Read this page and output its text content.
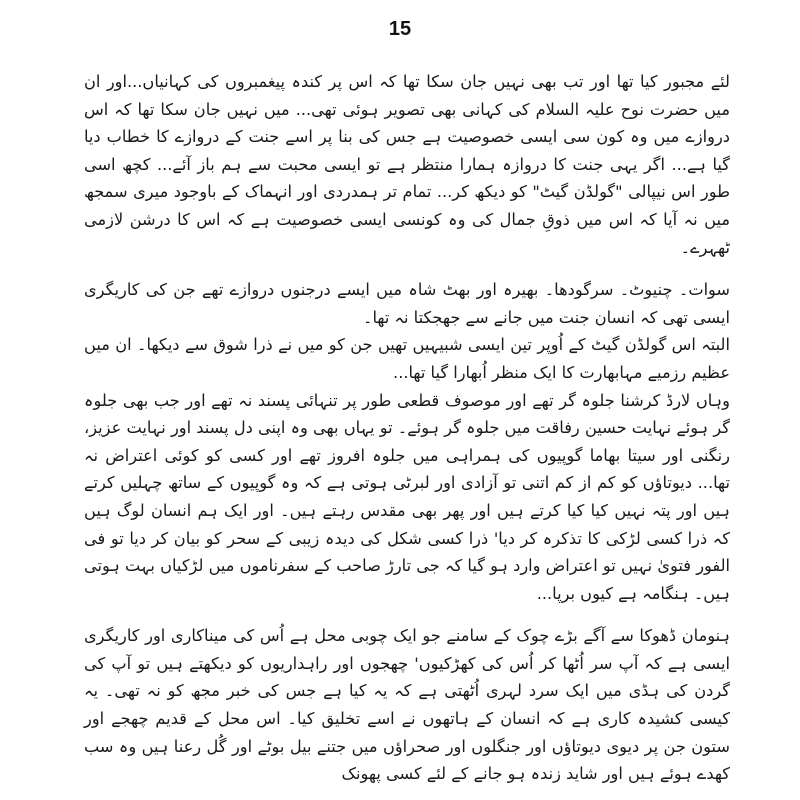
15

لئے مجبور کیا تھا اور تب بھی نہیں جان سکا تھا کہ اس پر کندہ پیغمبروں کی کہانیاں...اور ان میں حضرت نوح علیہ السلام کی کہانی بھی تصویر ہوئی تھی... میں نہیں جان سکا تھا کہ اس دروازے میں وہ کون سی ایسی خصوصیت ہے جس کی بنا پر اسے جنت کے دروازے کا خطاب دیا گیا ہے... اگر یہی جنت کا دروازہ ہمارا منتظر ہے تو ایسی محبت سے ہم باز آئے... کچھ اسی طور اس نیپالی "گولڈن گیٹ" کو دیکھ کر... تمام تر ہمدردی اور انہماک کے باوجود میری سمجھ میں نہ آیا کہ اس میں ذوقِ جمال کی وہ کونسی ایسی خصوصیت ہے کہ اس کا درشن لازمی ٹھہرے۔

سوات۔ چنیوٹ۔ سرگودھا۔ بھیرہ اور بھٹ شاہ میں ایسے درجنوں دروازے تھے جن کی کاریگری ایسی تھی کہ انسان جنت میں جانے سے جھجکتا نہ تھا۔

البتہ اس گولڈن گیٹ کے اُوپر تین ایسی شبیہیں تھیں جن کو میں نے ذرا شوق سے دیکھا۔ ان میں عظیم رزمیے مہابھارت کا ایک منظر اُبھارا گیا تھا...

وہاں لارڈ کرشنا جلوہ گر تھے اور موصوف قطعی طور پر تنہائی پسند نہ تھے اور جب بھی جلوہ گر ہوئے نہایت حسین رفاقت میں جلوہ گر ہوئے۔ تو یہاں بھی وہ اپنی دل پسند اور نہایت عزیز، رنگنی اور سیتا بھاما گوپیوں کی ہمراہی میں جلوہ افروز تھے اور کسی کو کوئی اعتراض نہ تھا... دیوتاؤں کو کم از کم اتنی تو آزادی اور لبرٹی ہوتی ہے کہ وہ گوپیوں کے ساتھ چہلیں کرتے ہیں اور پتہ نہیں کیا کیا کرتے ہیں اور پھر بھی مقدس رہتے ہیں۔ اور ایک ہم انسان لوگ ہیں کہ ذرا کسی لڑکی کا تذکرہ کر دیا' ذرا کسی شکل کی دیدہ زیبی کے سحر کو بیان کر دیا تو فی الفور فتویٰ نہیں تو اعتراض وارد ہو گیا کہ جی تارڑ صاحب کے سفرناموں میں لڑکیاں بہت ہوتی ہیں۔ ہنگامہ ہے کیوں برپا...

ہنومان ڈھوکا سے آگے بڑے چوک کے سامنے جو ایک چوبی محل ہے اُس کی میناکاری اور کاریگری ایسی ہے کہ آپ سر اُٹھا کر اُس کی کھڑکیوں' چھجوں اور راہداریوں کو دیکھتے ہیں تو آپ کی گردن کی ہڈی میں ایک سرد لہری اُٹھتی ہے کہ یہ کیا ہے جس کی خبر مجھ کو نہ تھی۔ یہ کیسی کشیدہ کاری ہے کہ انسان کے ہاتھوں نے اسے تخلیق کیا۔ اس محل کے قدیم چھجے اور ستون جن پر دیوی دیوتاؤں اور جنگلوں اور صحراؤں میں جتنے بیل بوٹے اور گُل رعنا ہیں وہ سب کھدے ہوئے ہیں اور شاید زندہ ہو جانے کے لئے کسی پھونک
